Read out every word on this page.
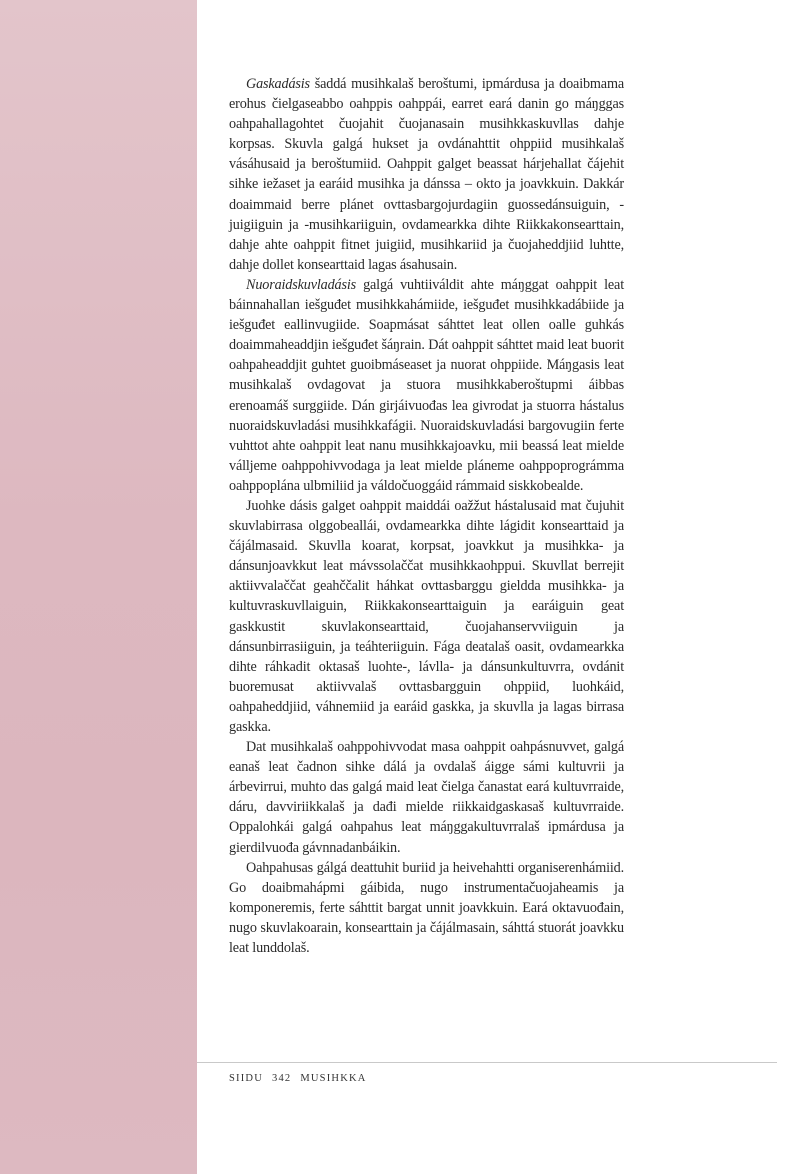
Gaskadásis šaddá musihkalaš beroštumi, ipmárdusa ja doaibmama erohus čielgaseabbo oahppis oahppái, earret eará danin go máŋggas oahpahallagohtet čuojahit čuojanasain musihkkaskuvllas dahje korpsas. Skuvla galgá hukset ja ovdánahttit ohppiid musihkalaš vásáhusaid ja beroštumiid. Oahppit galget beassat hárjehallat čájehit sihke iežaset ja earáid musihka ja dánssa – okto ja joavkkuin. Dakkár doaimmaid berre plánet ovttasbargojurdagiin guossedánsuiguin, -juigiiguin ja -musihkariiguin, ovdamearkka dihte Riikkakonsearttain, dahje ahte oahppit fitnet juigiid, musihkariid ja čuojaheddjiid luhtte, dahje dollet konsearttaid lagas ásahusain.

Nuoraidskuvladásis galgá vuhtiiváldit ahte máŋggat oahppit leat báinnahallan iešguđet musihkkahámiide, iešguđet musihkkadábiide ja iešguđet eallinvugiide. Soapmásat sáhttet leat ollen oalle guhkás doaimmaheaddjin iešguđet šáŋrain. Dát oahppit sáhttet maid leat buorit oahpaheaddjit guhtet guoibmáseaset ja nuorat ohppiide. Máŋgasis leat musihkalaš ovdagovat ja stuora musihkkaberoštupmi áibbas erenoamáš surggiide. Dán girjáivuođas lea givrodat ja stuorra hástalus nuoraidskuvladási musihkkafágii. Nuoraidskuvladási bargovugiin ferte vuhttot ahte oahppit leat nanu musihkkajoavku, mii beassá leat mielde válljeme oahppohivvodaga ja leat mielde pláneme oahppoprográmma oahppoplána ulbmiliid ja váldočuoggáid rámmaid siskkobealde.

Juohke dásis galget oahppit maiddái oažžut hástalusaid mat čujuhit skuvlabirrasa olggobeallái, ovdamearkka dihte lágidit konsearttaid ja čájálmasaid. Skuvlla koarat, korpsat, joavkkut ja musihkka- ja dánsunjoavkkut leat mávssolaččat musihkkaohppui. Skuvllat berrejit aktiivvalaččat geahččalit háhkat ovttasbarggu gieldda musihkka- ja kultuvraskuvllaiguin, Riikkakonsearttaiguin ja earáiguin geat gaskkustit skuvlakonsearttaid, čuojahanservviiguin ja dánsunbirrasiiguin, ja teáhteriiguin. Fága deatalaš oasit, ovdamearkka dihte ráhkadit oktasaš luohte-, lávlla- ja dánsunkultuvrra, ovdánit buoremusat aktiivvalaš ovttasbargguin ohppiid, luohkáid, oahpaheddjiid, váhnemiid ja earáid gaskka, ja skuvlla ja lagas birrasa gaskka.

Dat musihkalaš oahppohivvodat masa oahppit oahpásnuvvet, galgá eanaš leat čadnon sihke dálá ja ovdalaš áigge sámi kultuvrii ja árbevirrui, muhto das galgá maid leat čielga čanastat eará kultuvrraide, dáru, davviriikkalaš ja dađi mielde riikkaidgaskasaš kultuvrraide. Oppalohkái galgá oahpahus leat máŋggakultuvrralaš ipmárdusa ja gierdilvuođa gávnnadanbáikin.

Oahpahusas gálgá deattuhit buriid ja heivehahtti organiserenhámiid. Go doaibmahápmi gáibida, nugo instrumentačuojaheamis ja komponeremis, ferte sáhttit bargat unnit joavkkuin. Eará oktavuođain, nugo skuvlakoarain, konsearttain ja čájálmasain, sáhttá stuorát joavkku leat lunddolaš.

SIIDU 342 MUSIHKKA
